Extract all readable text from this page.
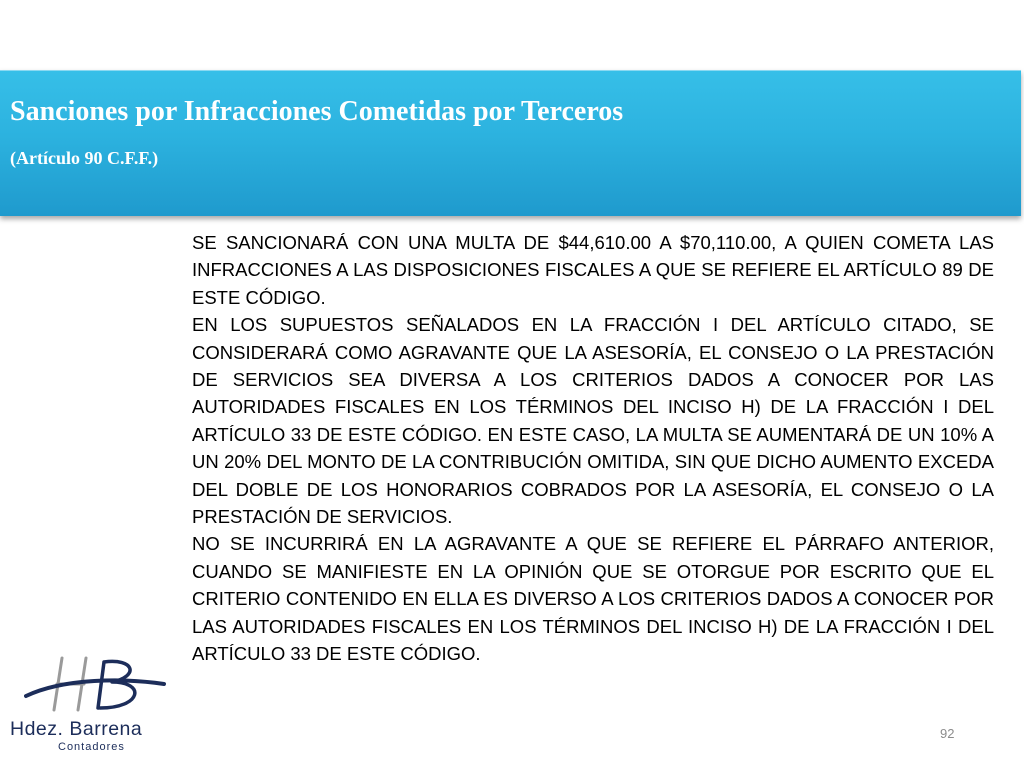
Sanciones por Infracciones Cometidas por Terceros

(Artículo 90 C.F.F.)

SE SANCIONARÁ CON UNA MULTA DE $44,610.00 A $70,110.00, A QUIEN COMETA LAS INFRACCIONES A LAS DISPOSICIONES FISCALES A QUE SE REFIERE EL ARTÍCULO 89 DE ESTE CÓDIGO.

EN LOS SUPUESTOS SEÑALADOS EN LA FRACCIÓN I DEL ARTÍCULO CITADO, SE CONSIDERARÁ COMO AGRAVANTE QUE LA ASESORÍA, EL CONSEJO O LA PRESTACIÓN DE SERVICIOS SEA DIVERSA A LOS CRITERIOS DADOS A CONOCER POR LAS AUTORIDADES FISCALES EN LOS TÉRMINOS DEL INCISO H) DE LA FRACCIÓN I DEL ARTÍCULO 33 DE ESTE CÓDIGO. EN ESTE CASO, LA MULTA SE AUMENTARÁ DE UN 10% A UN 20% DEL MONTO DE LA CONTRIBUCIÓN OMITIDA, SIN QUE DICHO AUMENTO EXCEDA DEL DOBLE DE LOS HONORARIOS COBRADOS POR LA ASESORÍA, EL CONSEJO O LA PRESTACIÓN DE SERVICIOS.

NO SE INCURRIRÁ EN LA AGRAVANTE A QUE SE REFIERE EL PÁRRAFO ANTERIOR, CUANDO SE MANIFIESTE EN LA OPINIÓN QUE SE OTORGUE POR ESCRITO QUE EL CRITERIO CONTENIDO EN ELLA ES DIVERSO A LOS CRITERIOS DADOS A CONOCER POR LAS AUTORIDADES FISCALES EN LOS TÉRMINOS DEL INCISO H) DE LA FRACCIÓN I DEL ARTÍCULO 33 DE ESTE CÓDIGO.

Hdez. Barrena
Contadores
92
